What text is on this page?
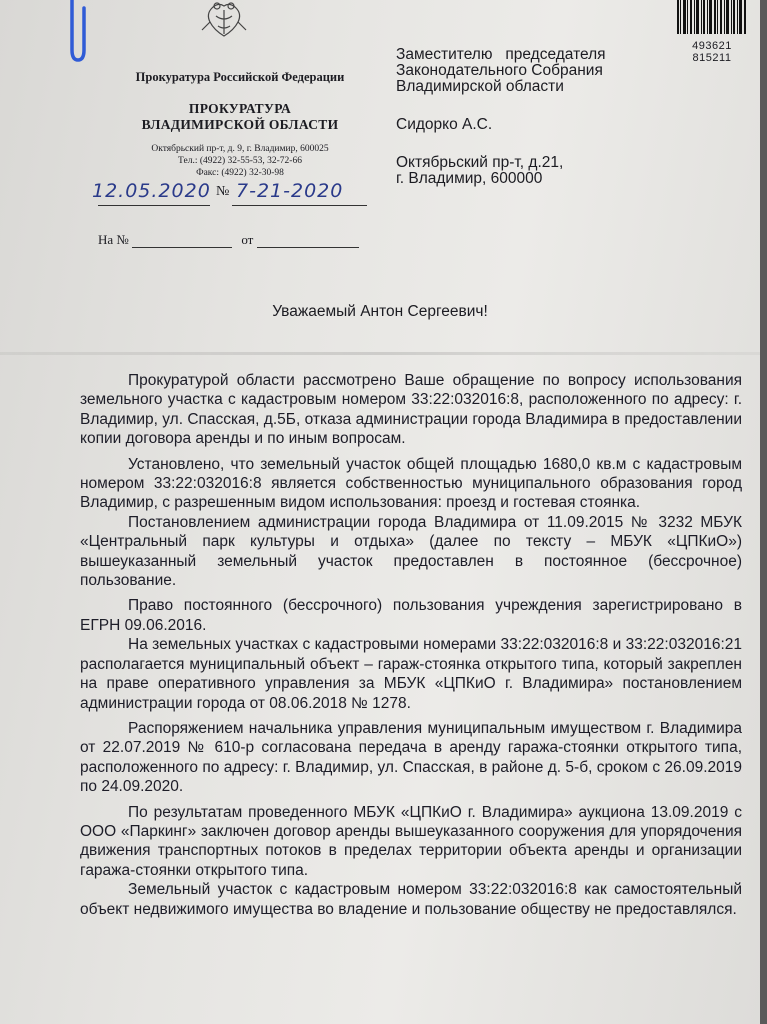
493621 815211
Прокуратура Российской Федерации
ПРОКУРАТУРА
ВЛАДИМИРСКОЙ ОБЛАСТИ
Октябрьский пр-т, д. 9, г. Владимир, 600025
Тел.: (4922) 32-55-53, 32-72-66
Факс: (4922) 32-30-98
12.05.2020 № 7-21-2020
На №	от
Заместителю   председателя
Законодательного Собрания
Владимирской области
Сидорко А.С.
Октябрьский пр-т, д.21,
г. Владимир, 600000
Уважаемый Антон Сергеевич!

Прокуратурой области рассмотрено Ваше обращение по вопросу использования земельного участка с кадастровым номером 33:22:032016:8, расположенного по адресу: г. Владимир, ул. Спасская, д.5Б, отказа администрации города Владимира в предоставлении копии договора аренды и по иным вопросам.

Установлено, что земельный участок общей площадью 1680,0 кв.м с кадастровым номером 33:22:032016:8 является собственностью муниципального образования город Владимир, с разрешенным видом использования: проезд и гостевая стоянка.

Постановлением администрации города Владимира от 11.09.2015 № 3232 МБУК «Центральный парк культуры и отдыха» (далее по тексту – МБУК «ЦПКиО») вышеуказанный земельный участок предоставлен в постоянное (бессрочное) пользование.

Право постоянного (бессрочного) пользования учреждения зарегистрировано в ЕГРН 09.06.2016.

На земельных участках с кадастровыми номерами 33:22:032016:8 и 33:22:032016:21 располагается муниципальный объект – гараж-стоянка открытого типа, который закреплен на праве оперативного управления за МБУК «ЦПКиО г. Владимира» постановлением администрации города от 08.06.2018 № 1278.

Распоряжением начальника управления муниципальным имуществом г. Владимира от 22.07.2019 № 610-р согласована передача в аренду гаража-стоянки открытого типа, расположенного по адресу: г. Владимир, ул. Спасская, в районе д. 5-б, сроком с 26.09.2019 по 24.09.2020.

По результатам проведенного МБУК «ЦПКиО г. Владимира» аукциона 13.09.2019 с ООО «Паркинг» заключен договор аренды вышеуказанного сооружения для упорядочения движения транспортных потоков в пределах территории объекта аренды и организации гаража-стоянки открытого типа.

Земельный участок с кадастровым номером 33:22:032016:8 как самостоятельный объект недвижимого имущества во владение и пользование обществу не предоставлялся.
